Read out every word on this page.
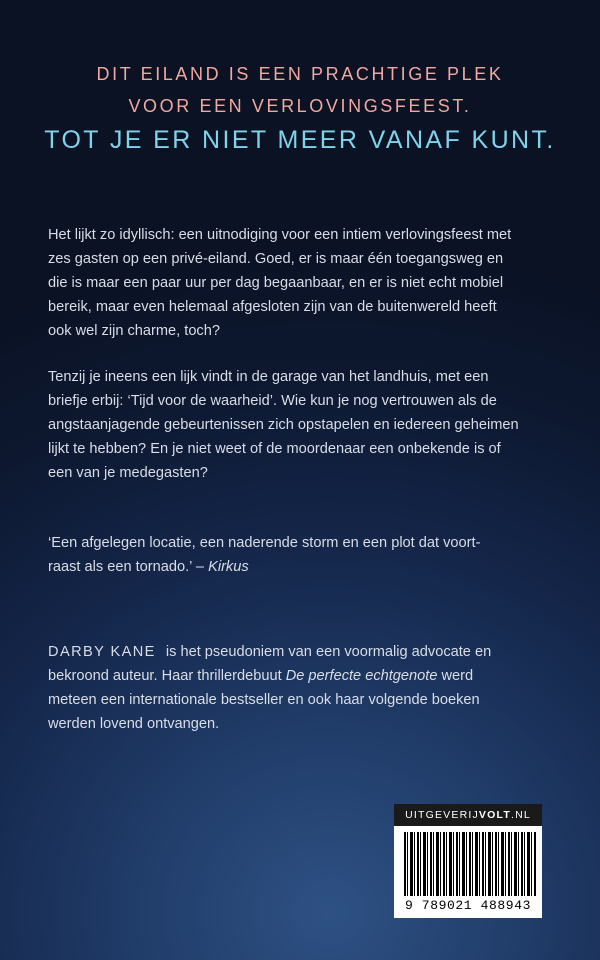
DIT EILAND IS EEN PRACHTIGE PLEK
VOOR EEN VERLOVINGSFEEST.
TOT JE ER NIET MEER VANAF KUNT.
Het lijkt zo idyllisch: een uitnodiging voor een intiem verlovingsfeest met
zes gasten op een privé-eiland. Goed, er is maar één toegangsweg en
die is maar een paar uur per dag begaanbaar, en er is niet echt mobiel
bereik, maar even helemaal afgesloten zijn van de buitenwereld heeft
ook wel zijn charme, toch?
Tenzij je ineens een lijk vindt in de garage van het landhuis, met een
briefje erbij: ‘Tijd voor de waarheid’. Wie kun je nog vertrouwen als de
angstaanjagende gebeurtenissen zich opstapelen en iedereen geheimen
lijkt te hebben? En je niet weet of de moordenaar een onbekende is of
een van je medegasten?
‘Een afgelegen locatie, een naderende storm en een plot dat voort-
raast als een tornado.’ – Kirkus
DARBY KANE is het pseudoniem van een voormalig advocate en
bekroond auteur. Haar thrillerdebuut De perfecte echtgenote werd
meteen een internationale bestseller en ook haar volgende boeken
werden lovend ontvangen.
UITGEVERIJVOLT.NL
9 789021 488943
